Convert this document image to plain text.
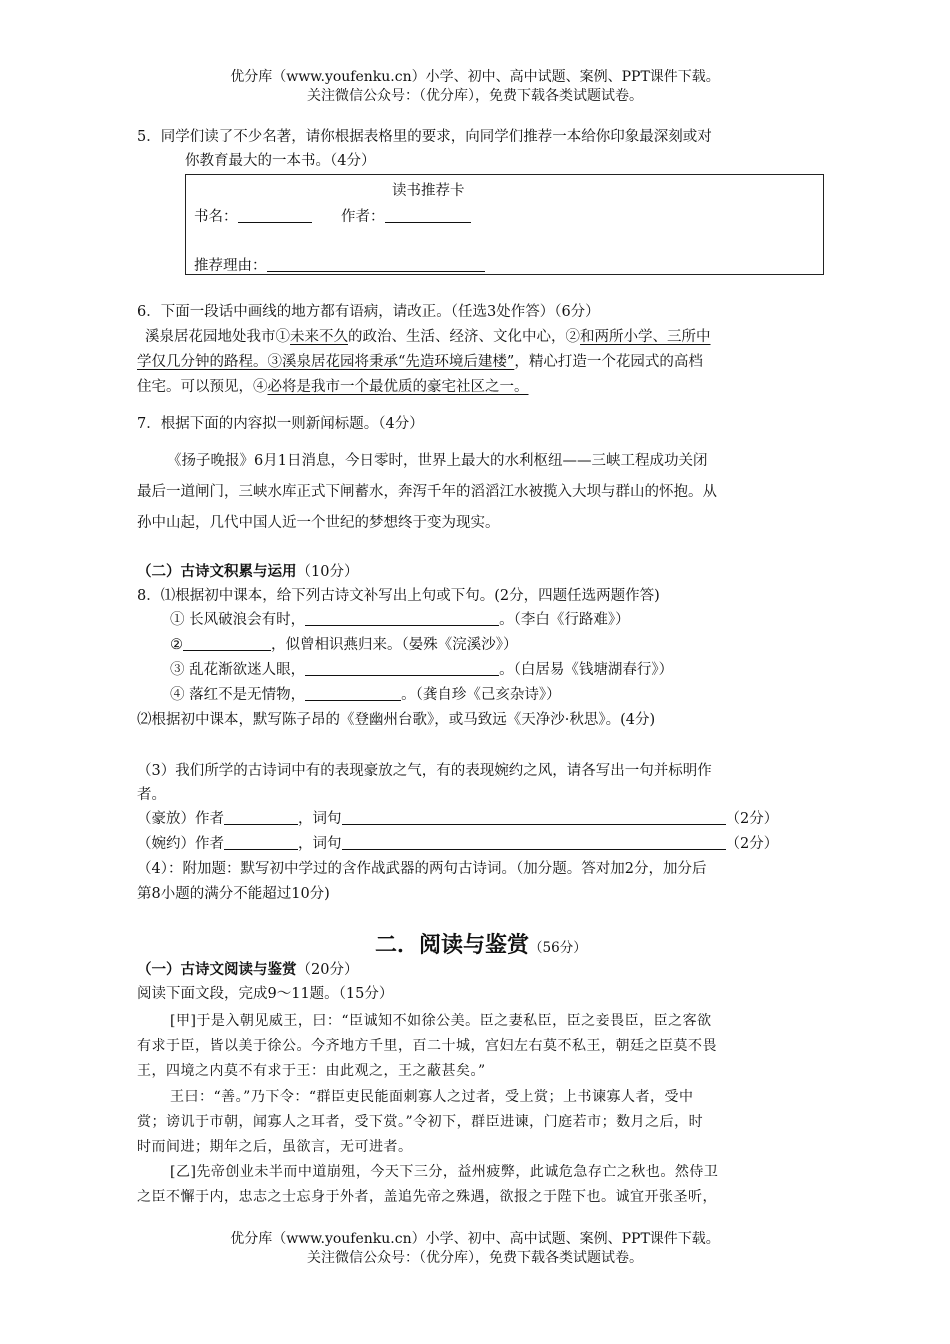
优分库（www.youfenku.cn）小学、初中、高中试题、案例、PPT课件下载。
关注微信公众号：（优分库），免费下载各类试题试卷。
5．同学们读了不少名著，请你根据表格里的要求，向同学们推荐一本给你印象最深刻或对
你教育最大的一本书。（4分）
读书推荐卡
书名：	作者：
推荐理由：
6．下面一段话中画线的地方都有语病，请改正。（任选3处作答）（6分）
溪泉居花园地处我市①未来不久的政治、生活、经济、文化中心，②和两所小学、三所中
学仅几分钟的路程。③溪泉居花园将秉承“先造环境后建楼”，精心打造一个花园式的高档
住宅。可以预见，④必将是我市一个最优质的豪宅社区之一。
7．根据下面的内容拟一则新闻标题。（4分）
《扬子晚报》6月1日消息，今日零时，世界上最大的水利枢纽——三峡工程成功关闭
最后一道闸门，三峡水库正式下闸蓄水，奔泻千年的滔滔江水被揽入大坝与群山的怀抱。从
孙中山起，几代中国人近一个世纪的梦想终于变为现实。
（二）古诗文积累与运用（10分）
8．⑴根据初中课本，给下列古诗文补写出上句或下句。(2分，四题任选两题作答)
① 长风破浪会有时，	。（李白《行路难》）
②	，似曾相识燕归来。（晏殊《浣溪沙》）
③ 乱花渐欲迷人眼，	。（白居易《钱塘湖春行》）
④ 落红不是无情物，	。（龚自珍《己亥杂诗》）
⑵根据初中课本，默写陈子昂的《登幽州台歌》，或马致远《天净沙·秋思》。(4分)
（3）我们所学的古诗词中有的表现豪放之气，有的表现婉约之风，请各写出一句并标明作
者。
（豪放）作者	，词句	（2分）
（婉约）作者	，词句	（2分）
（4）：附加题：默写初中学过的含作战武器的两句古诗词。（加分题。答对加2分，加分后
第8小题的满分不能超过10分)
二．阅读与鉴赏（56分）
（一）古诗文阅读与鉴赏（20分）
阅读下面文段，完成9～11题。（15分）
[甲]于是入朝见威王，曰：“臣诚知不如徐公美。臣之妻私臣，臣之妾畏臣，臣之客欲
有求于臣，皆以美于徐公。今齐地方千里，百二十城，宫妇左右莫不私王，朝廷之臣莫不畏
王，四境之内莫不有求于王：由此观之，王之蔽甚矣。”
王曰：“善。”乃下令：“群臣吏民能面刺寡人之过者，受上赏；上书谏寡人者，受中
赏；谤讥于市朝，闻寡人之耳者，受下赏。”令初下，群臣进谏，门庭若市；数月之后，时
时而间进；期年之后，虽欲言，无可进者。
[乙]先帝创业未半而中道崩殂，今天下三分，益州疲弊，此诚危急存亡之秋也。然侍卫
之臣不懈于内，忠志之士忘身于外者，盖追先帝之殊遇，欲报之于陛下也。诚宜开张圣听，
优分库（www.youfenku.cn）小学、初中、高中试题、案例、PPT课件下载。
关注微信公众号：（优分库），免费下载各类试题试卷。
